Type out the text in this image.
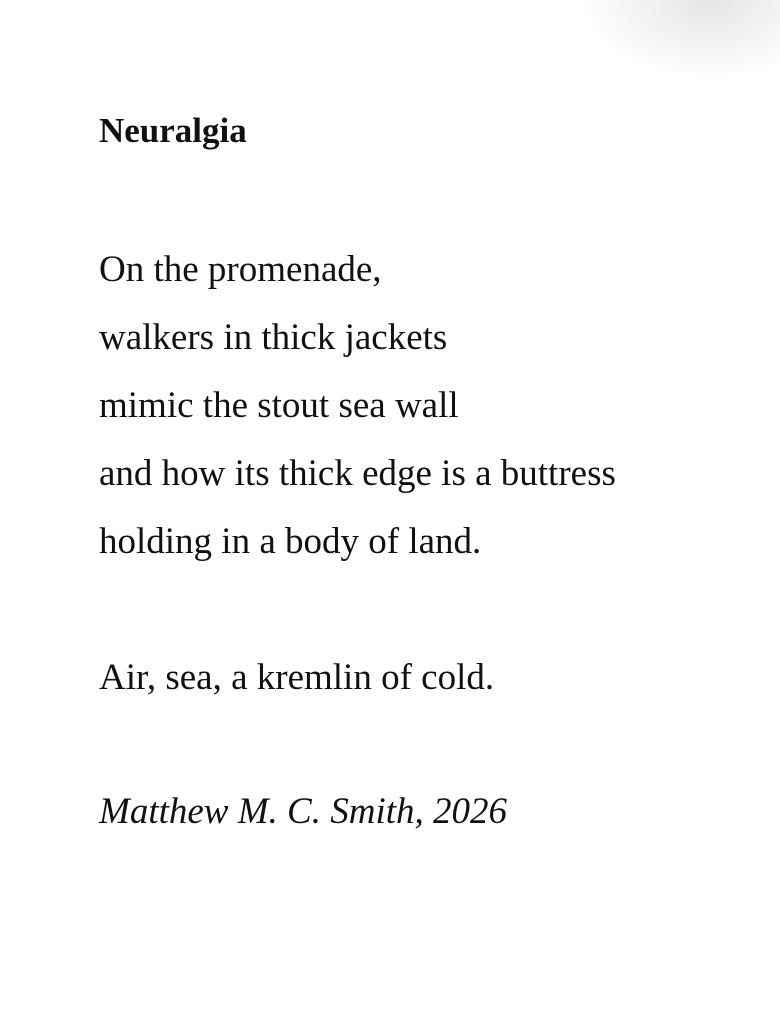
Neuralgia
On the promenade,
walkers in thick jackets
mimic the stout sea wall
and how its thick edge is a buttress
holding in a body of land.
Air, sea, a kremlin of cold.
Matthew M. C. Smith, 2026
